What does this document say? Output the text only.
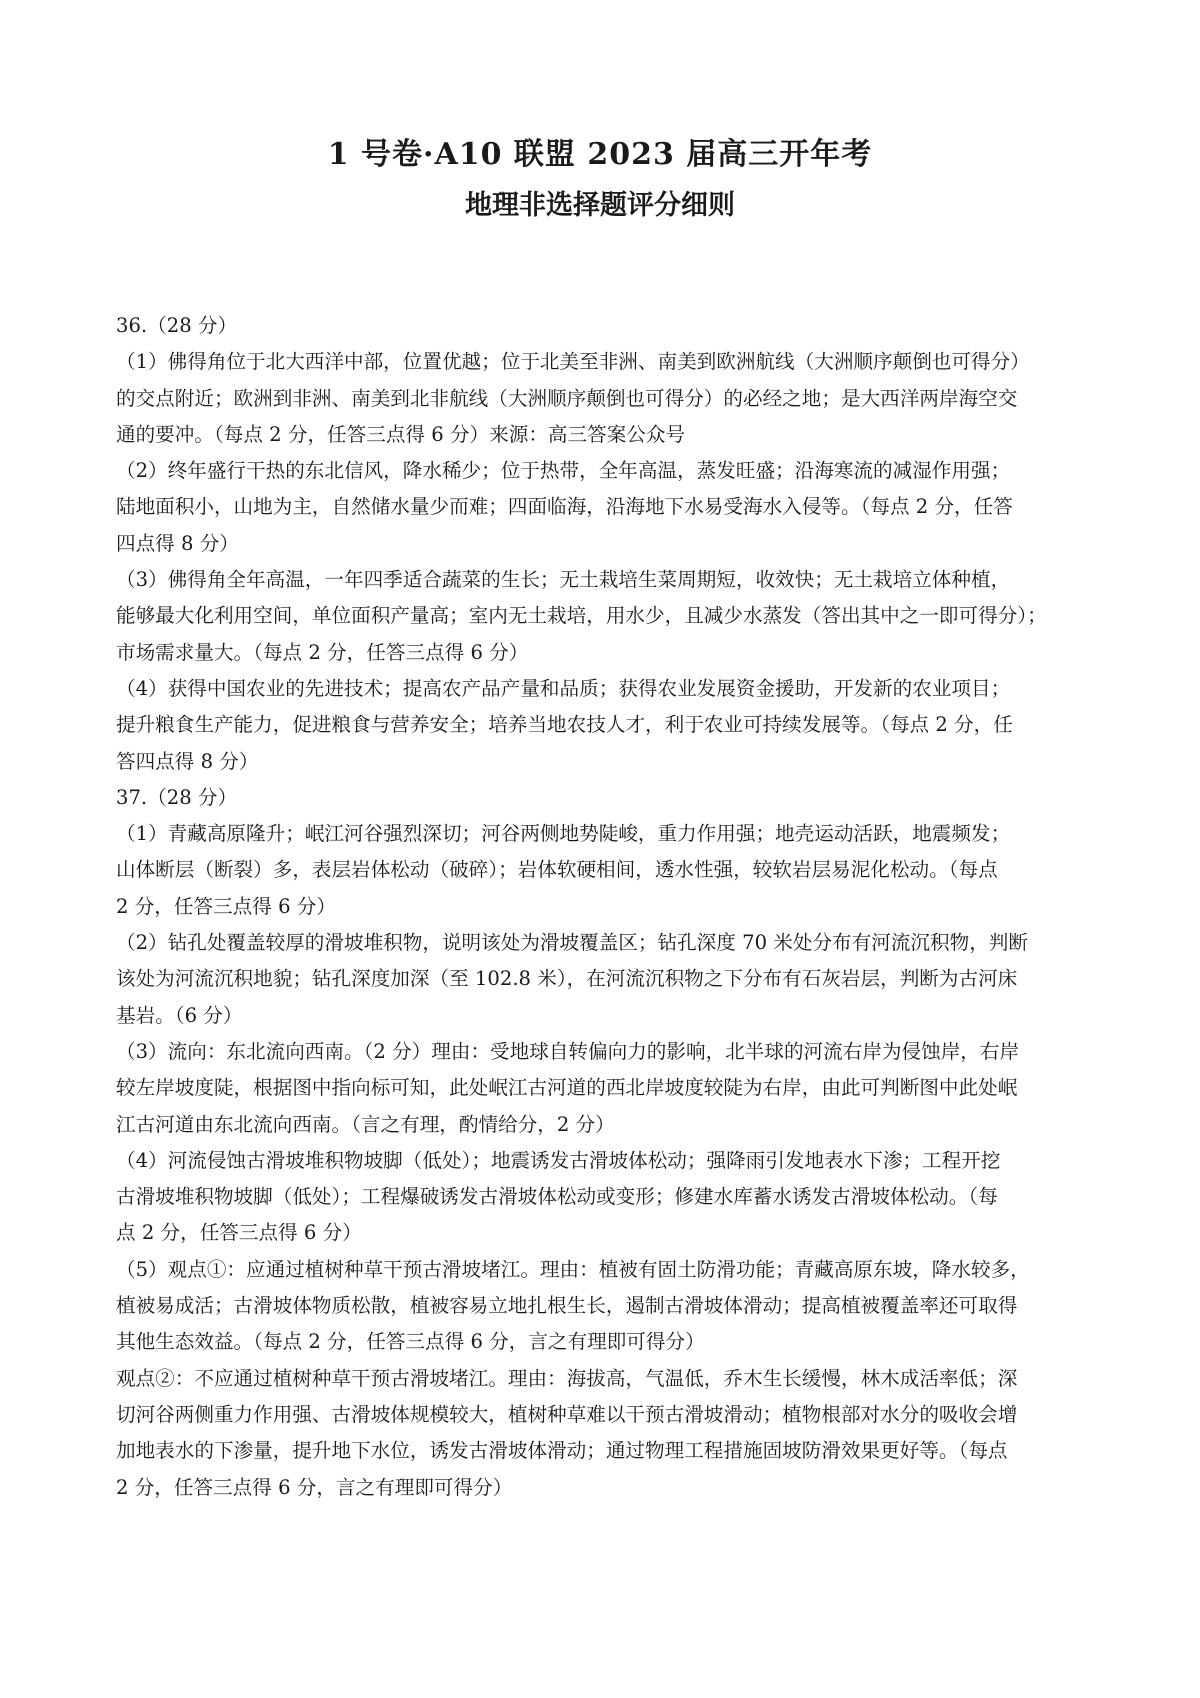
1 号卷·A10 联盟 2023 届高三开年考
地理非选择题评分细则
36.（28 分）
（1）佛得角位于北大西洋中部，位置优越；位于北美至非洲、南美到欧洲航线（大洲顺序颠倒也可得分）
的交点附近；欧洲到非洲、南美到北非航线（大洲顺序颠倒也可得分）的必经之地；是大西洋两岸海空交
通的要冲。（每点 2 分，任答三点得 6 分）来源：高三答案公众号
（2）终年盛行干热的东北信风，降水稀少；位于热带，全年高温，蒸发旺盛；沿海寒流的减湿作用强；
陆地面积小，山地为主，自然储水量少而难；四面临海，沿海地下水易受海水入侵等。（每点 2 分，任答
四点得 8 分）
（3）佛得角全年高温，一年四季适合蔬菜的生长；无土栽培生菜周期短，收效快；无土栽培立体种植，
能够最大化利用空间，单位面积产量高；室内无土栽培，用水少，且减少水蒸发（答出其中之一即可得分）；
市场需求量大。（每点 2 分，任答三点得 6 分）
（4）获得中国农业的先进技术；提高农产品产量和品质；获得农业发展资金援助，开发新的农业项目；
提升粮食生产能力，促进粮食与营养安全；培养当地农技人才，利于农业可持续发展等。（每点 2 分，任
答四点得 8 分）
37.（28 分）
（1）青藏高原隆升；岷江河谷强烈深切；河谷两侧地势陡峻，重力作用强；地壳运动活跃，地震频发；
山体断层（断裂）多，表层岩体松动（破碎）；岩体软硬相间，透水性强，较软岩层易泥化松动。（每点
2 分，任答三点得 6 分）
（2）钻孔处覆盖较厚的滑坡堆积物，说明该处为滑坡覆盖区；钻孔深度 70 米处分布有河流沉积物，判断
该处为河流沉积地貌；钻孔深度加深（至 102.8 米），在河流沉积物之下分布有石灰岩层，判断为古河床
基岩。（6 分）
（3）流向：东北流向西南。（2 分）理由：受地球自转偏向力的影响，北半球的河流右岸为侵蚀岸，右岸
较左岸坡度陡，根据图中指向标可知，此处岷江古河道的西北岸坡度较陡为右岸，由此可判断图中此处岷
江古河道由东北流向西南。（言之有理，酌情给分，2 分）
（4）河流侵蚀古滑坡堆积物坡脚（低处）；地震诱发古滑坡体松动；强降雨引发地表水下渗；工程开挖
古滑坡堆积物坡脚（低处）；工程爆破诱发古滑坡体松动或变形；修建水库蓄水诱发古滑坡体松动。（每
点 2 分，任答三点得 6 分）
（5）观点①：应通过植树种草干预古滑坡堵江。理由：植被有固土防滑功能；青藏高原东坡，降水较多，
植被易成活；古滑坡体物质松散，植被容易立地扎根生长，遏制古滑坡体滑动；提高植被覆盖率还可取得
其他生态效益。（每点 2 分，任答三点得 6 分，言之有理即可得分）
观点②：不应通过植树种草干预古滑坡堵江。理由：海拔高，气温低，乔木生长缓慢，林木成活率低；深
切河谷两侧重力作用强、古滑坡体规模较大，植树种草难以干预古滑坡滑动；植物根部对水分的吸收会增
加地表水的下渗量，提升地下水位，诱发古滑坡体滑动；通过物理工程措施固坡防滑效果更好等。（每点
2 分，任答三点得 6 分，言之有理即可得分）
